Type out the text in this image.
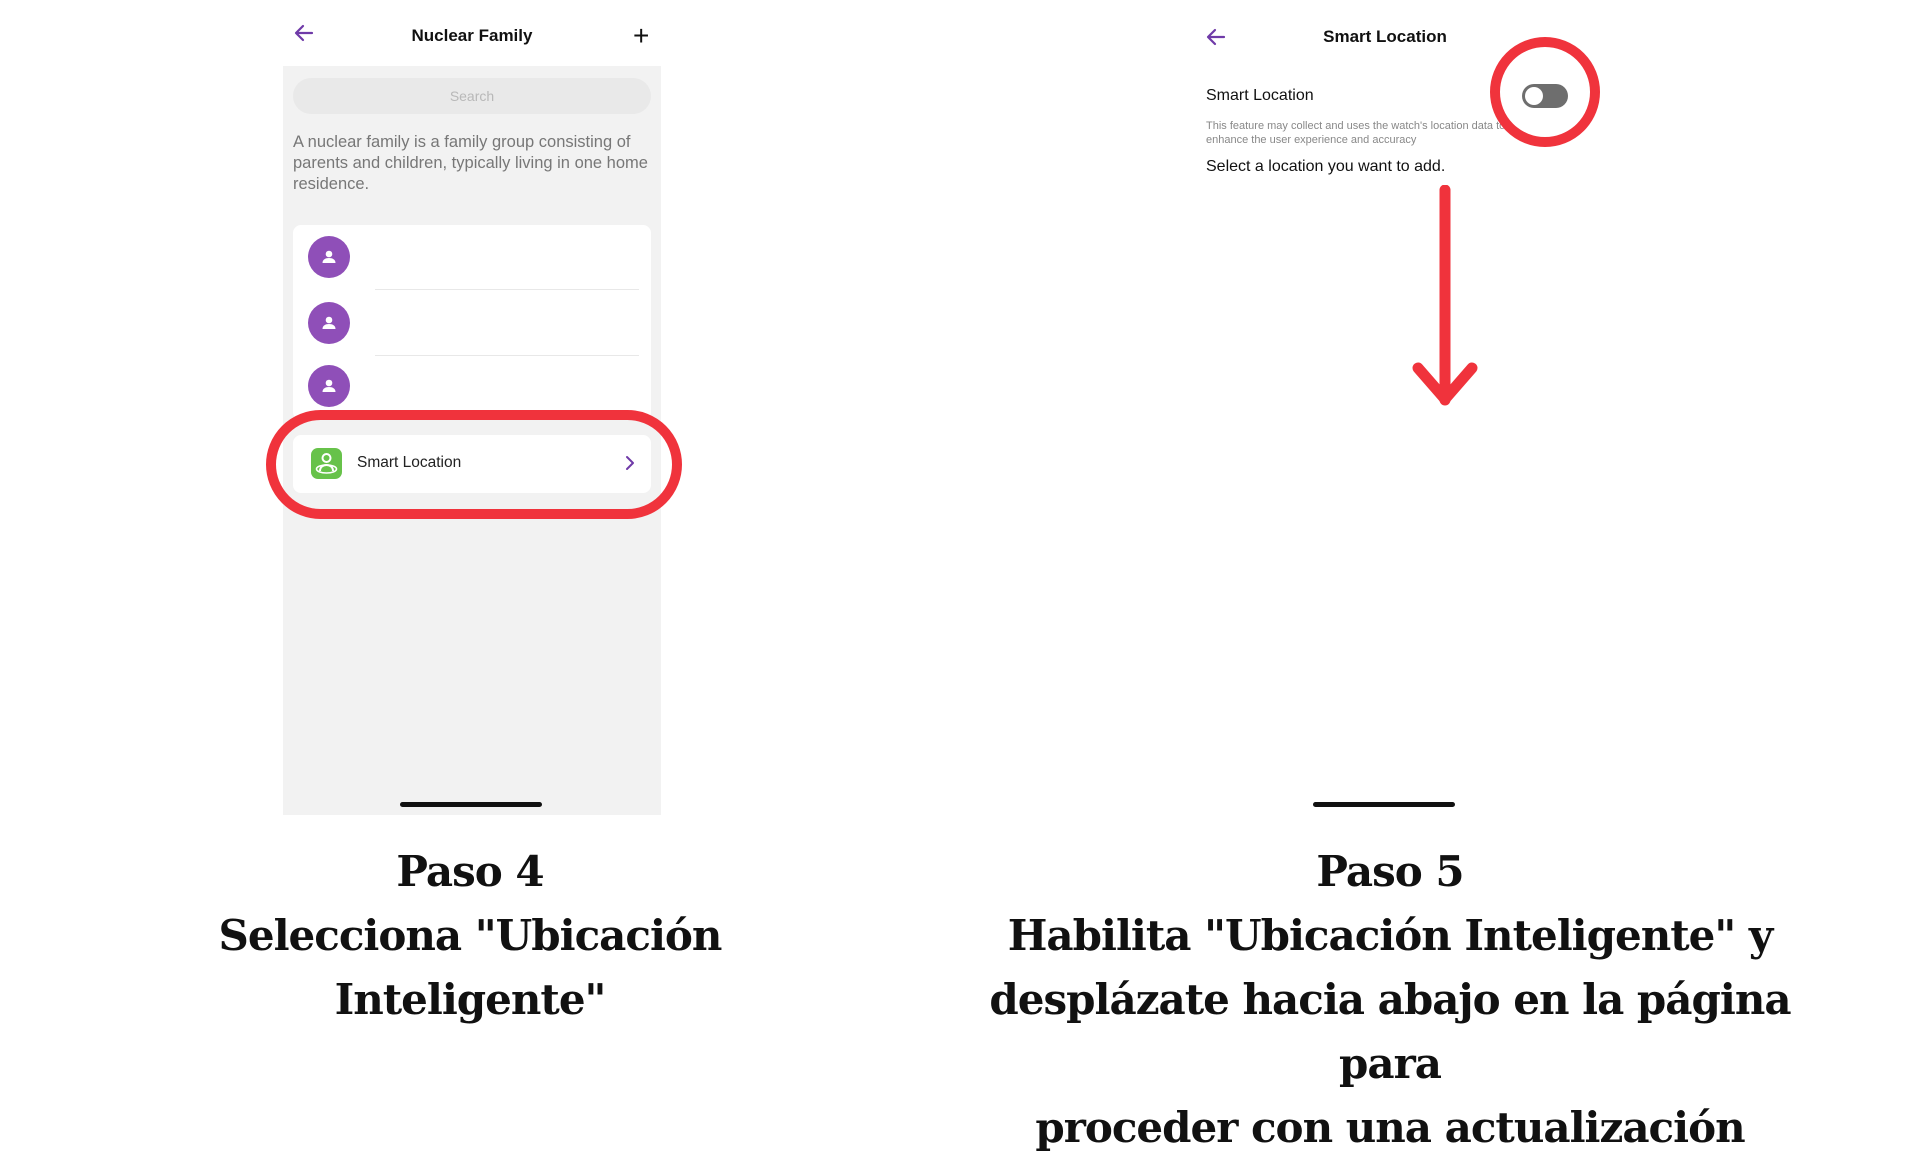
Nuclear Family	+
Search
A nuclear family is a family group consisting of parents and children, typically living in one home residence.
Smart Location
Smart Location
Smart Location
This feature may collect and uses the watch's location data to enhance the user experience and accuracy
Select a location you want to add.
Paso 4
Selecciona "Ubicación
Inteligente"
Paso 5
Habilita "Ubicación Inteligente" y
desplázate hacia abajo en la página para
proceder con una actualización
